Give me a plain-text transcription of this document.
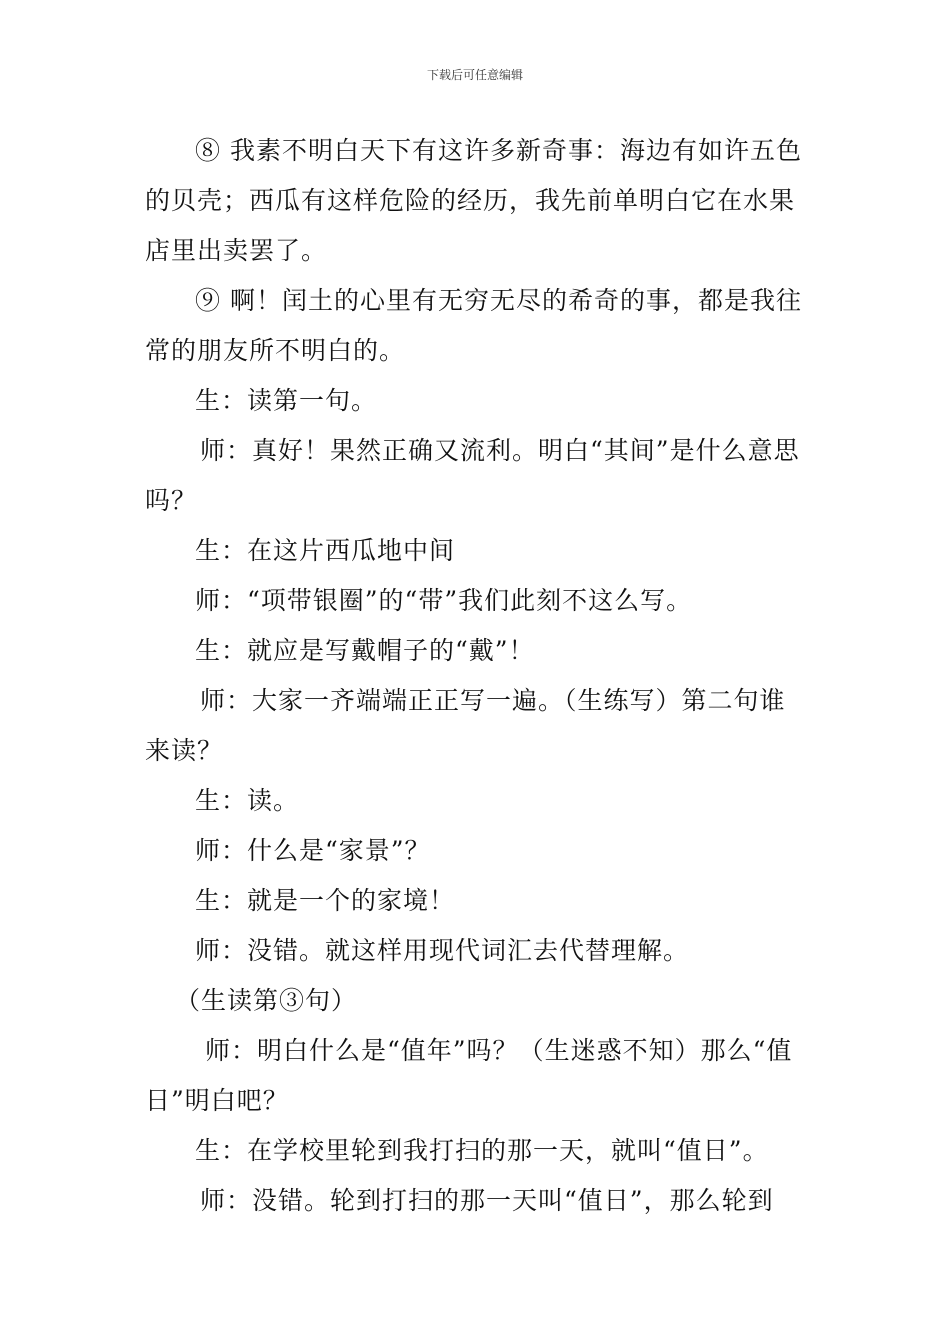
下载后可任意编辑

⑧ 我素不明白天下有这许多新奇事：海边有如许五色的贝壳；西瓜有这样危险的经历，我先前单明白它在水果店里出卖罢了。

⑨ 啊！闰土的心里有无穷无尽的希奇的事，都是我往常的朋友所不明白的。

生：读第一句。

师：真好！果然正确又流利。明白“其间”是什么意思吗？

生：在这片西瓜地中间

师：“项带银圈”的“带”我们此刻不这么写。

生：就应是写戴帽子的“戴”！

师：大家一齐端端正正写一遍。（生练写）第二句谁来读？

生：读。

师：什么是“家景”？

生：就是一个的家境！

师：没错。就这样用现代词汇去代替理解。

（生读第③句）

师：明白什么是“值年”吗？（生迷惑不知）那么“值日”明白吧？

生：在学校里轮到我打扫的那一天，就叫“值日”。

师：没错。轮到打扫的那一天叫“值日”，那么轮到
